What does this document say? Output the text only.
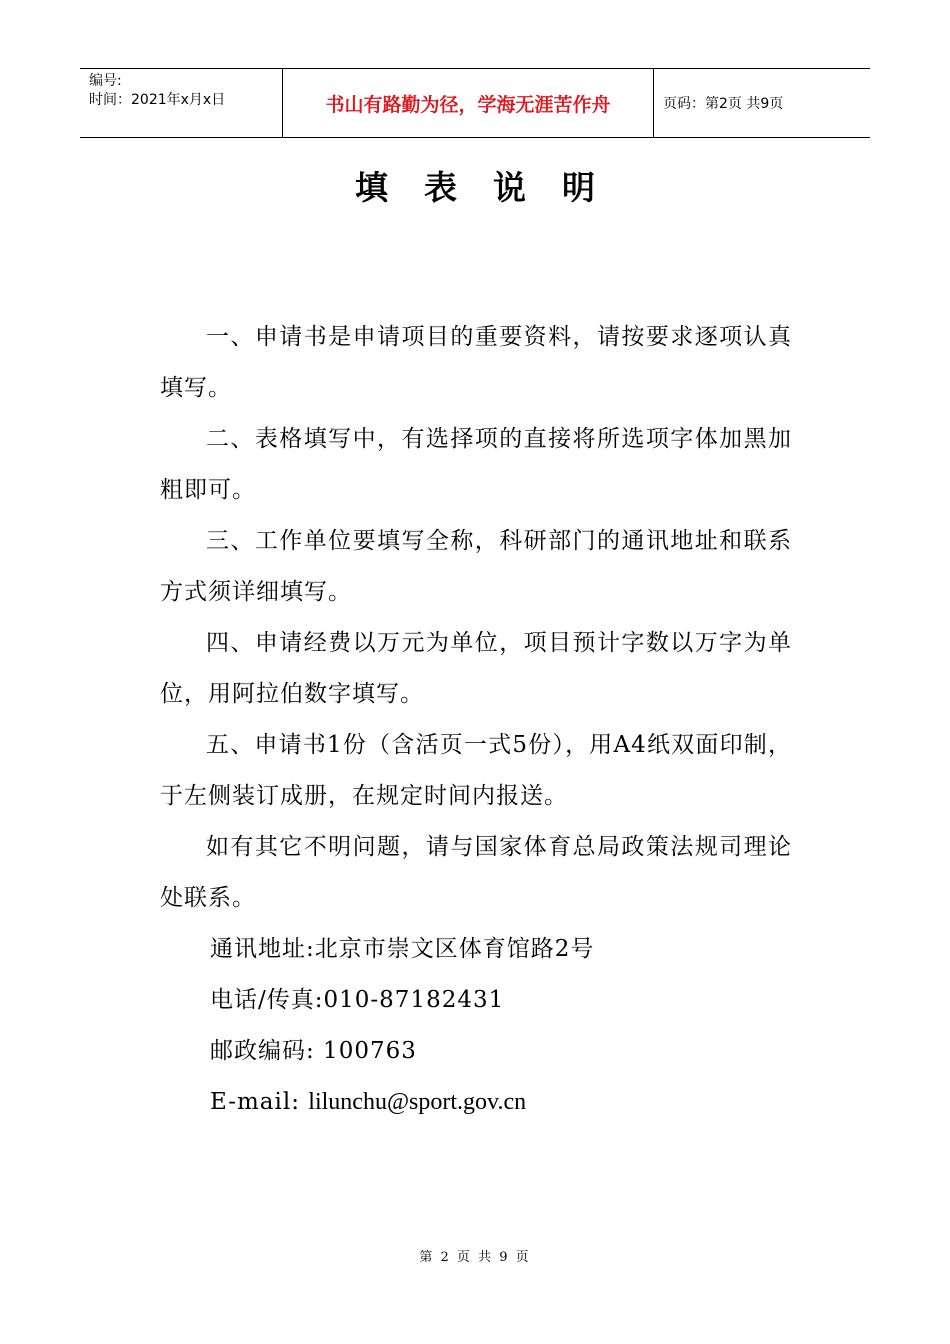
编号:
时间：2021年x月x日	书山有路勤为径，学海无涯苦作舟	页码：第2页 共9页
填表说明

一、申请书是申请项目的重要资料，请按要求逐项认真填写。

二、表格填写中，有选择项的直接将所选项字体加黑加粗即可。

三、工作单位要填写全称，科研部门的通讯地址和联系方式须详细填写。

四、申请经费以万元为单位，项目预计字数以万字为单位，用阿拉伯数字填写。

五、申请书1份（含活页一式5份），用A4纸双面印制，于左侧装订成册，在规定时间内报送。

如有其它不明问题，请与国家体育总局政策法规司理论处联系。

通讯地址:北京市崇文区体育馆路2号

电话/传真:010-87182431

邮政编码: 100763

E-mail: lilunchu@sport.gov.cn

第 2 页 共 9 页
